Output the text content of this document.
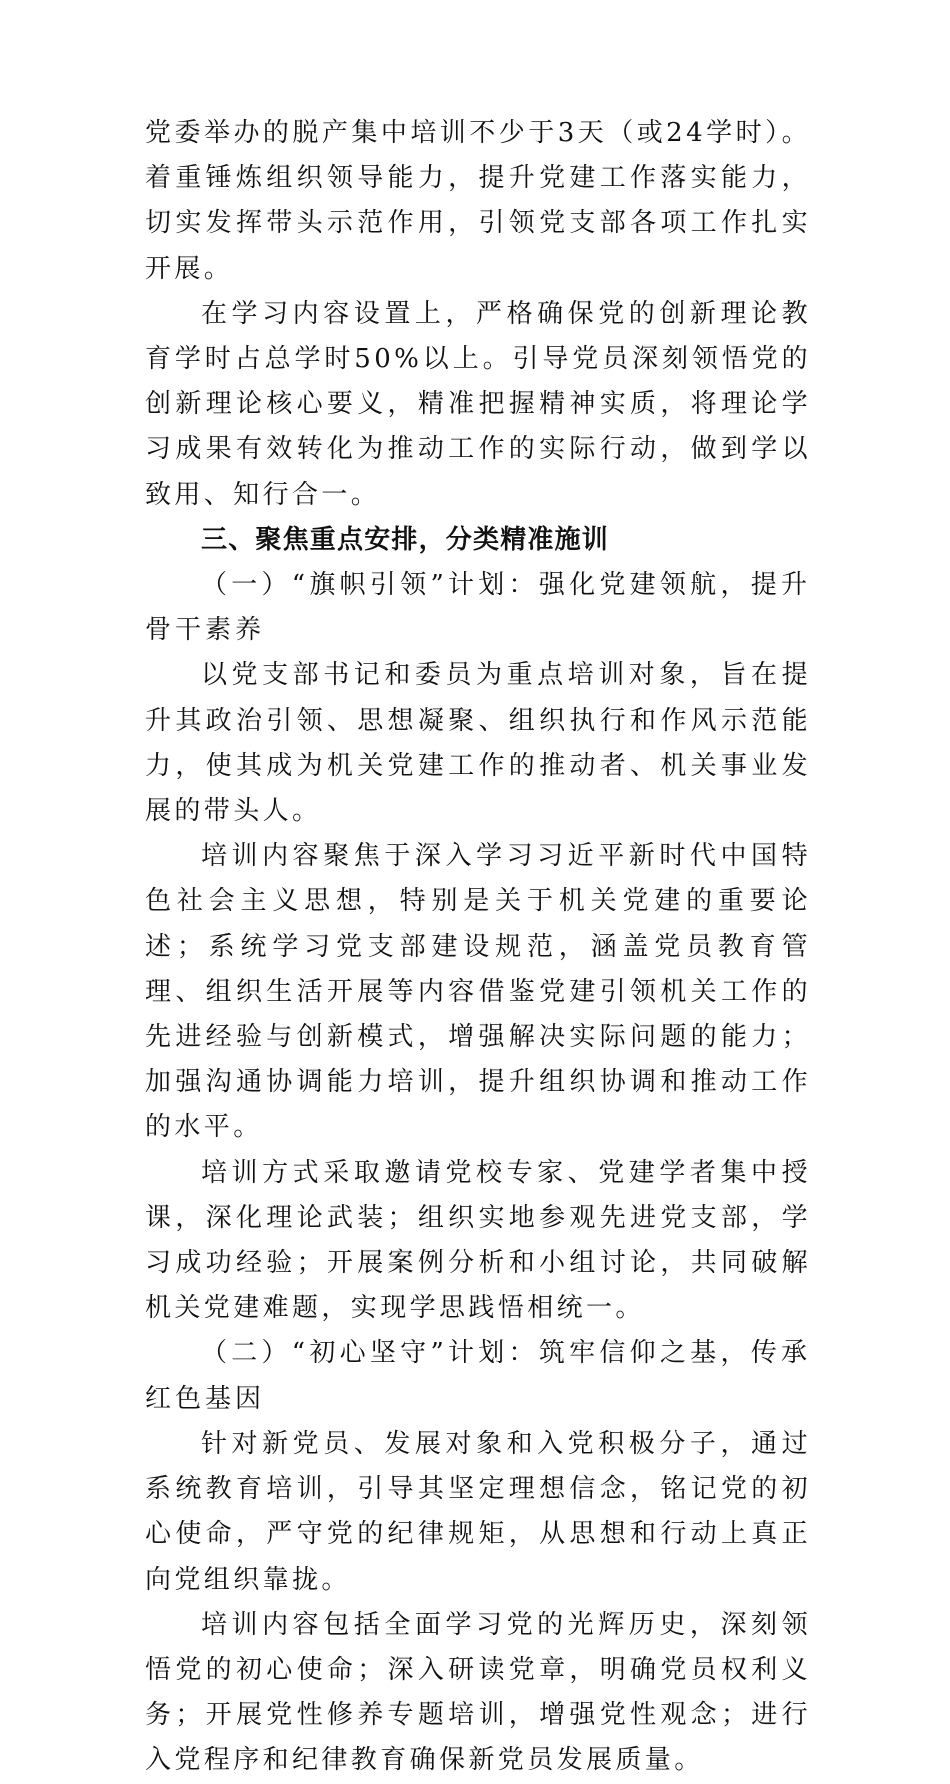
党委举办的脱产集中培训不少于3天（或24学时）。着重锤炼组织领导能力，提升党建工作落实能力，切实发挥带头示范作用，引领党支部各项工作扎实开展。

在学习内容设置上，严格确保党的创新理论教育学时占总学时50%以上。引导党员深刻领悟党的创新理论核心要义，精准把握精神实质，将理论学习成果有效转化为推动工作的实际行动，做到学以致用、知行合一。

三、聚焦重点安排，分类精准施训

（一）“旗帜引领”计划：强化党建领航，提升骨干素养

以党支部书记和委员为重点培训对象，旨在提升其政治引领、思想凝聚、组织执行和作风示范能力，使其成为机关党建工作的推动者、机关事业发展的带头人。

培训内容聚焦于深入学习习近平新时代中国特色社会主义思想，特别是关于机关党建的重要论述；系统学习党支部建设规范，涵盖党员教育管理、组织生活开展等内容借鉴党建引领机关工作的先进经验与创新模式，增强解决实际问题的能力；加强沟通协调能力培训，提升组织协调和推动工作的水平。

培训方式采取邀请党校专家、党建学者集中授课，深化理论武装；组织实地参观先进党支部，学习成功经验；开展案例分析和小组讨论，共同破解机关党建难题，实现学思践悟相统一。

（二）“初心坚守”计划：筑牢信仰之基，传承红色基因

针对新党员、发展对象和入党积极分子，通过系统教育培训，引导其坚定理想信念，铭记党的初心使命，严守党的纪律规矩，从思想和行动上真正向党组织靠拢。

培训内容包括全面学习党的光辉历史，深刻领悟党的初心使命；深入研读党章，明确党员权利义务；开展党性修养专题培训，增强党性观念；进行入党程序和纪律教育确保新党员发展质量。
